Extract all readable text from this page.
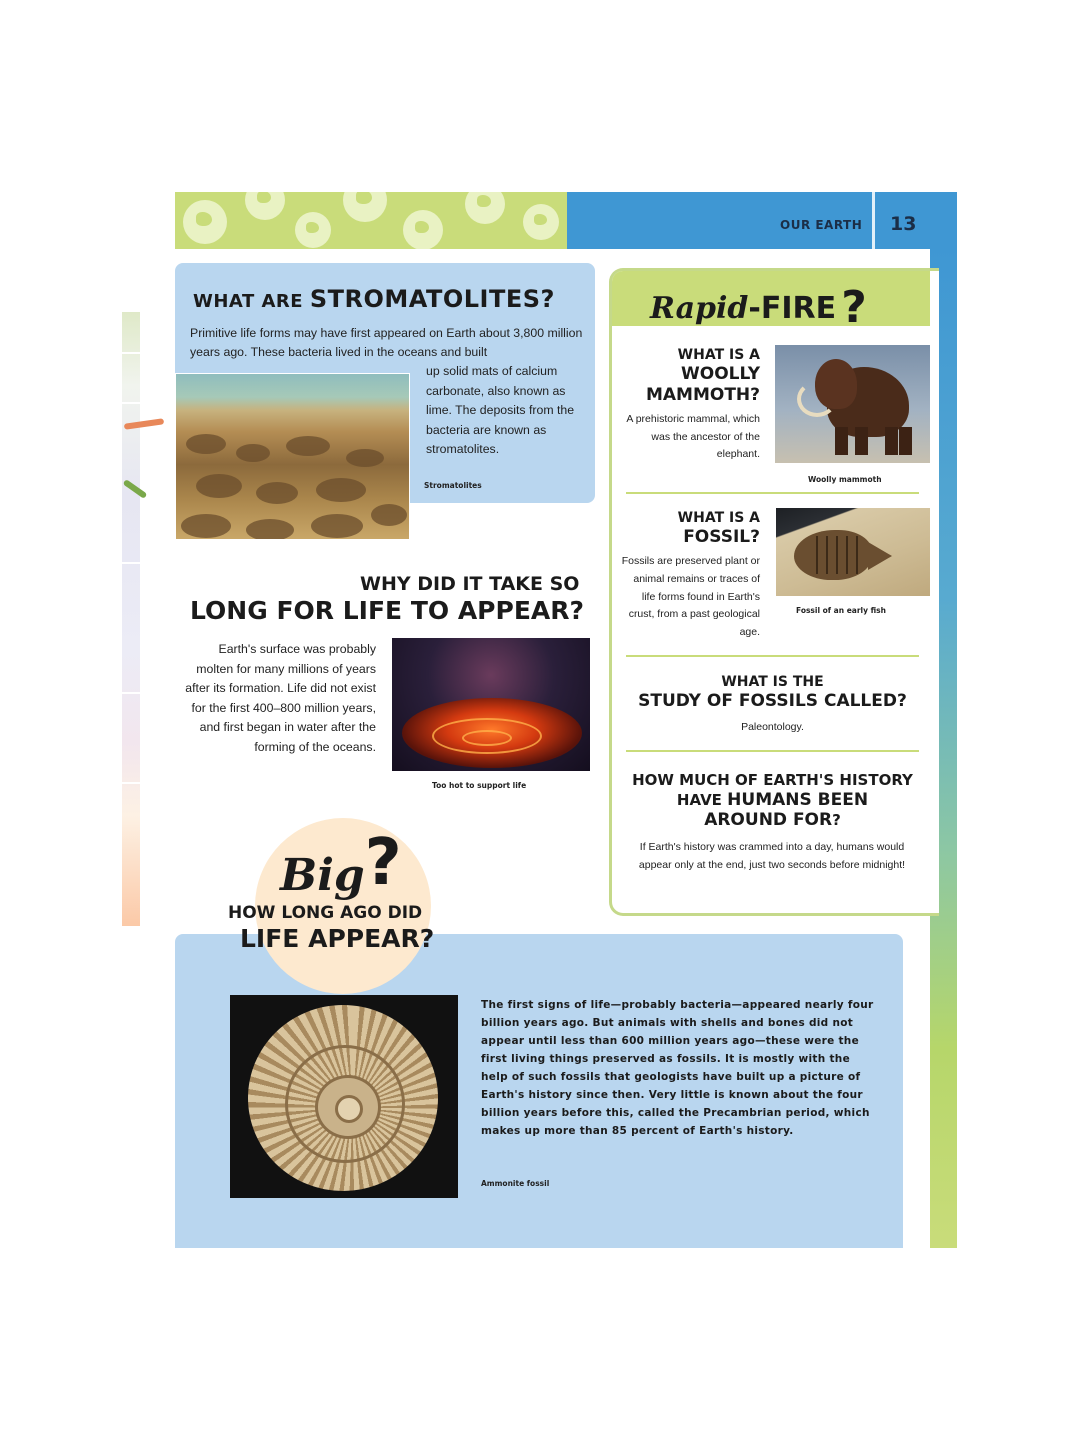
OUR EARTH 13
WHAT ARE STROMATOLITES?
Primitive life forms may have first appeared on Earth about 3,800 million years ago. These bacteria lived in the oceans and built
up solid mats of calcium carbonate, also known as lime. The deposits from the bacteria are known as stromatolites.
Stromatolites
WHY DID IT TAKE SO
LONG FOR LIFE TO APPEAR?
Earth's surface was probably molten for many millions of years after its formation. Life did not exist for the first 400–800 million years, and first began in water after the forming of the oceans.
Too hot to support life
Rapid-FIRE ?
WHAT IS A
WOOLLY MAMMOTH?
A prehistoric mammal, which was the ancestor of the elephant.
Woolly mammoth
WHAT IS A
FOSSIL?
Fossils are preserved plant or animal remains or traces of life forms found in Earth's crust, from a past geological age.
Fossil of an early fish
WHAT IS THE
STUDY OF FOSSILS CALLED?
Paleontology.
HOW MUCH OF EARTH'S HISTORY
HAVE HUMANS BEEN
AROUND FOR?
If Earth's history was crammed into a day, humans would appear only at the end, just two seconds before midnight!
Big?
HOW LONG AGO DID
LIFE APPEAR?
The first signs of life—probably bacteria—appeared nearly four billion years ago. But animals with shells and bones did not appear until less than 600 million years ago—these were the first living things preserved as fossils. It is mostly with the help of such fossils that geologists have built up a picture of Earth's history since then. Very little is known about the four billion years before this, called the Precambrian period, which makes up more than 85 percent of Earth's history.
Ammonite fossil
